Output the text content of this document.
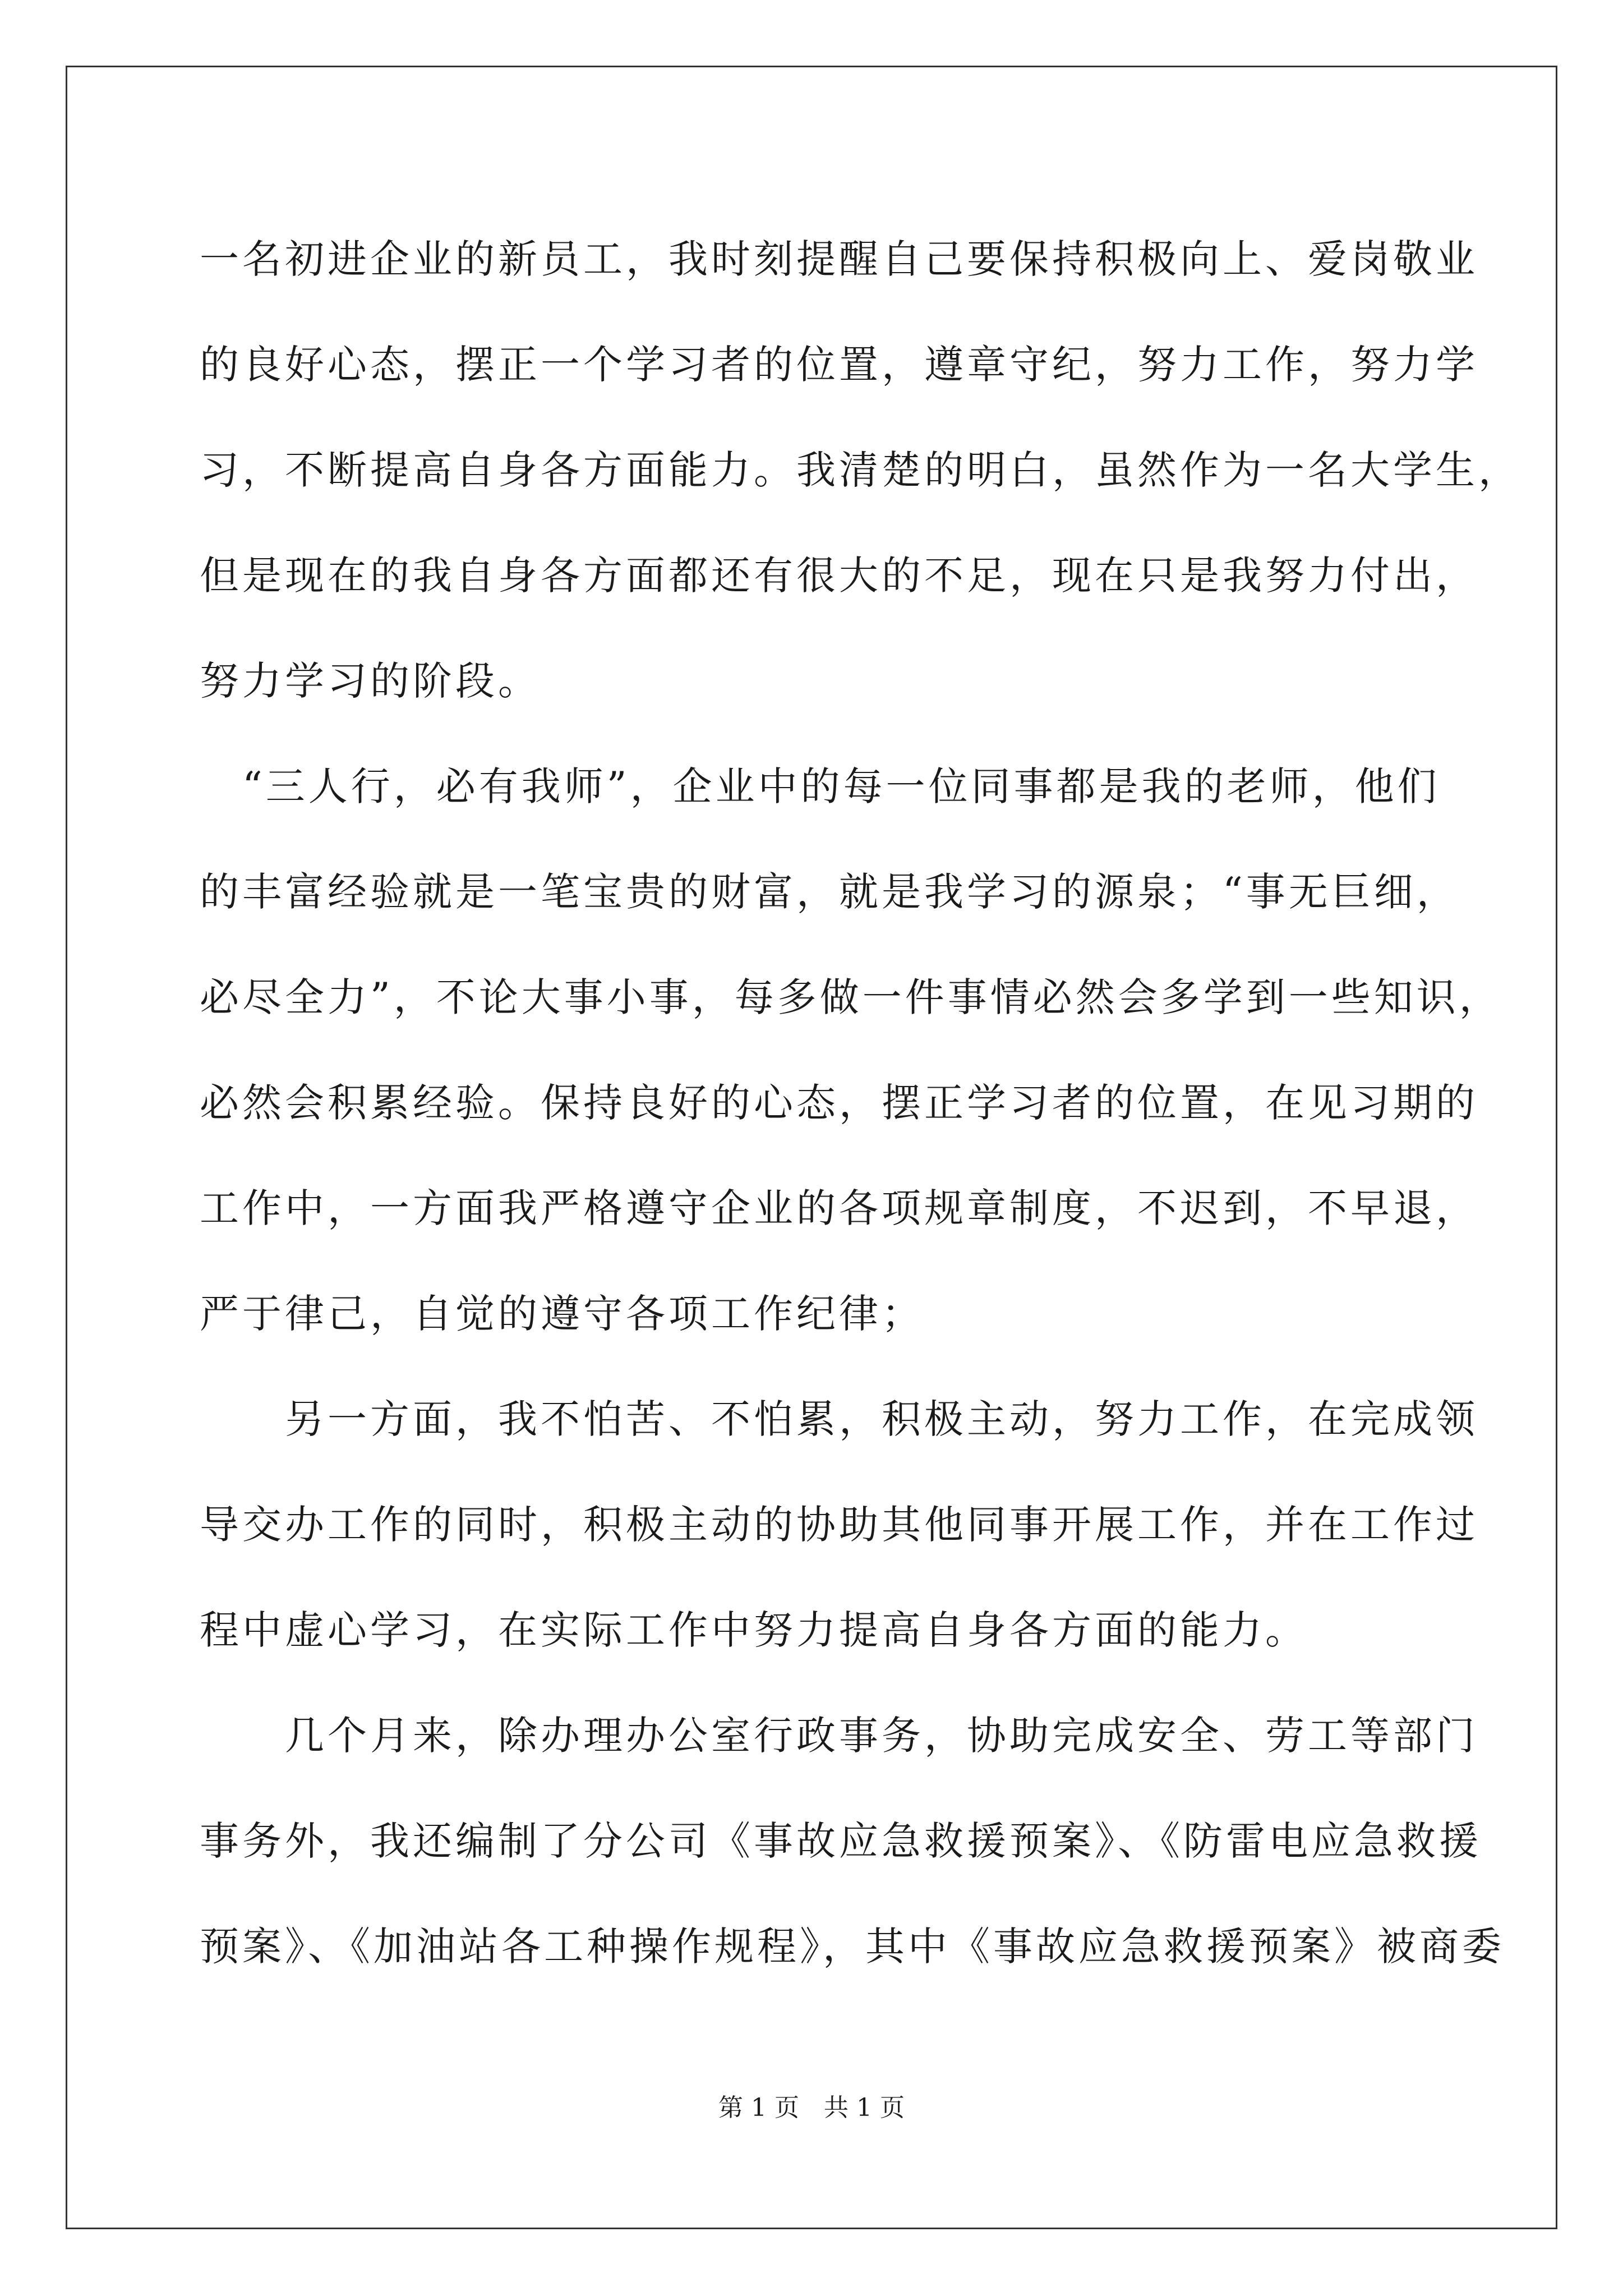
一名初进企业的新员工，我时刻提醒自己要保持积极向上、爱岗敬业
的良好心态，摆正一个学习者的位置，遵章守纪，努力工作，努力学
习，不断提高自身各方面能力。我清楚的明白，虽然作为一名大学生，
但是现在的我自身各方面都还有很大的不足，现在只是我努力付出，
努力学习的阶段。
　“三人行，必有我师”，企业中的每一位同事都是我的老师，他们
的丰富经验就是一笔宝贵的财富，就是我学习的源泉；“事无巨细，
必尽全力”，不论大事小事，每多做一件事情必然会多学到一些知识，
必然会积累经验。保持良好的心态，摆正学习者的位置，在见习期的
工作中，一方面我严格遵守企业的各项规章制度，不迟到，不早退，
严于律己，自觉的遵守各项工作纪律；
　　另一方面，我不怕苦、不怕累，积极主动，努力工作，在完成领
导交办工作的同时，积极主动的协助其他同事开展工作，并在工作过
程中虚心学习，在实际工作中努力提高自身各方面的能力。
　　几个月来，除办理办公室行政事务，协助完成安全、劳工等部门
事务外，我还编制了分公司《事故应急救援预案》、《防雷电应急救援
预案》、《加油站各工种操作规程》，其中《事故应急救援预案》被商委
第 1 页　共 1 页
